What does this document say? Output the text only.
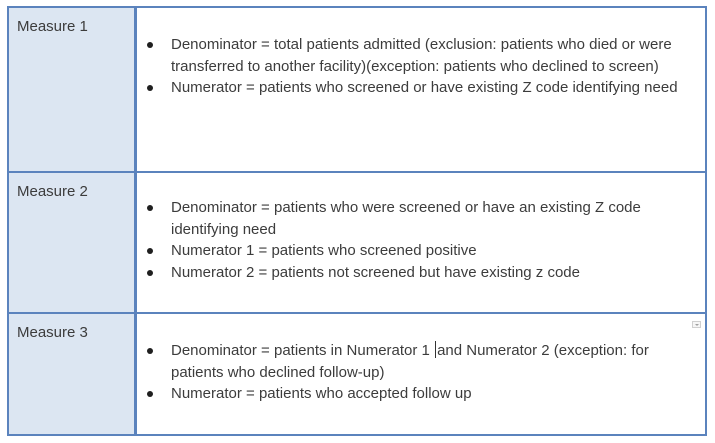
Measure 1
Denominator = total patients admitted (exclusion: patients who died or were transferred to another facility)(exception: patients who declined to screen)
Numerator = patients who screened or have existing Z code identifying need
Measure 2
Denominator = patients who were screened or have an existing Z code identifying need
Numerator 1 = patients who screened positive
Numerator 2 = patients not screened but have existing z code
Measure 3
Denominator = patients in Numerator 1 and Numerator 2 (exception: for patients who declined follow-up)
Numerator = patients who accepted follow up
